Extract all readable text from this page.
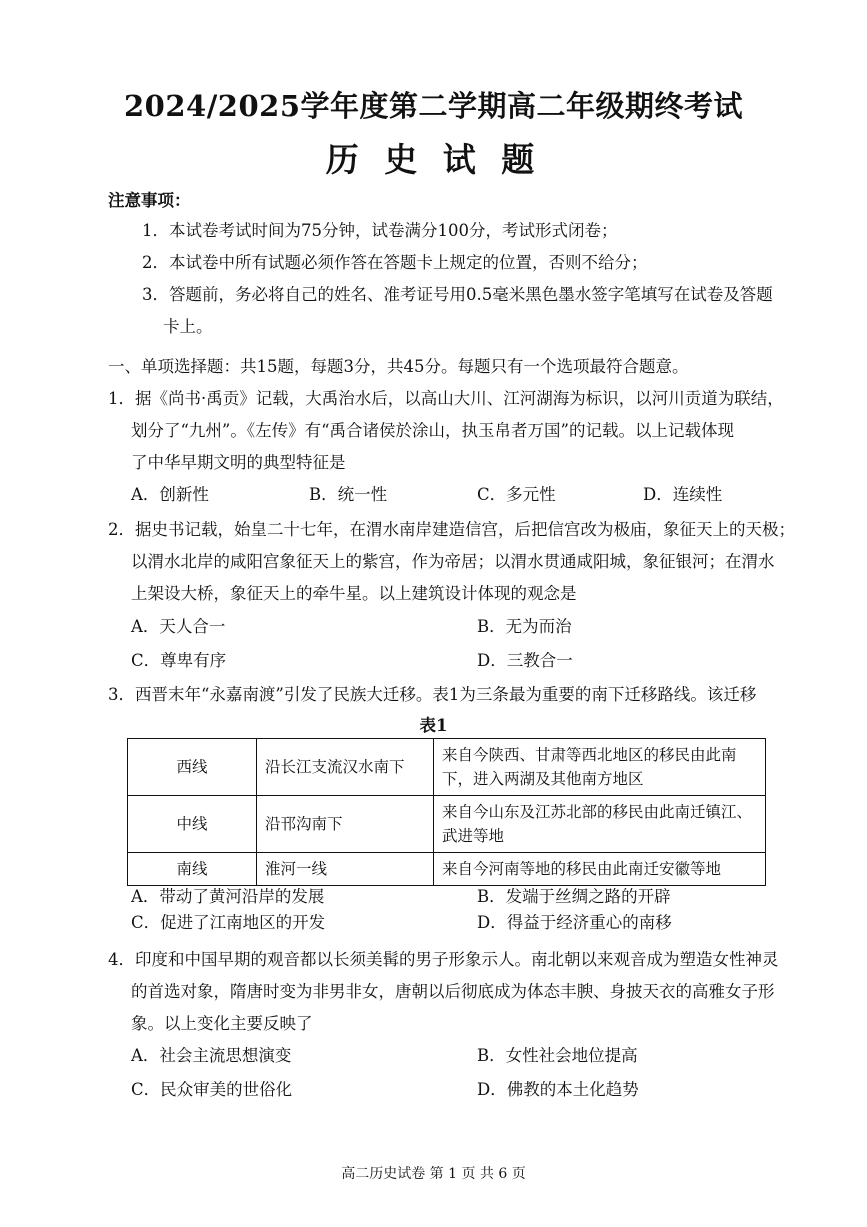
2024/2025学年度第二学期高二年级期终考试
历 史 试 题
注意事项：
1．本试卷考试时间为75分钟，试卷满分100分，考试形式闭卷；
2．本试卷中所有试题必须作答在答题卡上规定的位置，否则不给分；
3．答题前，务必将自己的姓名、准考证号用0.5毫米黑色墨水签字笔填写在试卷及答题
卡上。
一、单项选择题：共15题，每题3分，共45分。每题只有一个选项最符合题意。
1．据《尚书·禹贡》记载，大禹治水后，以高山大川、江河湖海为标识，以河川贡道为联结，
划分了“九州”。《左传》有“禹合诸侯於涂山，执玉帛者万国”的记载。以上记载体现
了中华早期文明的典型特征是
A．创新性	B．统一性	C．多元性	D．连续性
2．据史书记载，始皇二十七年，在渭水南岸建造信宫，后把信宫改为极庙，象征天上的天极；
以渭水北岸的咸阳宫象征天上的紫宫，作为帝居；以渭水贯通咸阳城，象征银河；在渭水
上架设大桥，象征天上的牵牛星。以上建筑设计体现的观念是
A．天人合一	B．无为而治
C．尊卑有序	D．三教合一
3．西晋末年“永嘉南渡”引发了民族大迁移。表1为三条最为重要的南下迁移路线。该迁移
表1
西线	沿长江支流汉水南下	来自今陕西、甘肃等西北地区的移民由此南下，进入两湖及其他南方地区
中线	沿邗沟南下	来自今山东及江苏北部的移民由此南迁镇江、武进等地
南线	淮河一线	来自今河南等地的移民由此南迁安徽等地
A．带动了黄河沿岸的发展	B．发端于丝绸之路的开辟
C．促进了江南地区的开发	D．得益于经济重心的南移
4．印度和中国早期的观音都以长须美髯的男子形象示人。南北朝以来观音成为塑造女性神灵
的首选对象，隋唐时变为非男非女，唐朝以后彻底成为体态丰腴、身披天衣的高雅女子形
象。以上变化主要反映了
A．社会主流思想演变	B．女性社会地位提高
C．民众审美的世俗化	D．佛教的本土化趋势
高二历史试卷 第 1 页 共 6 页
